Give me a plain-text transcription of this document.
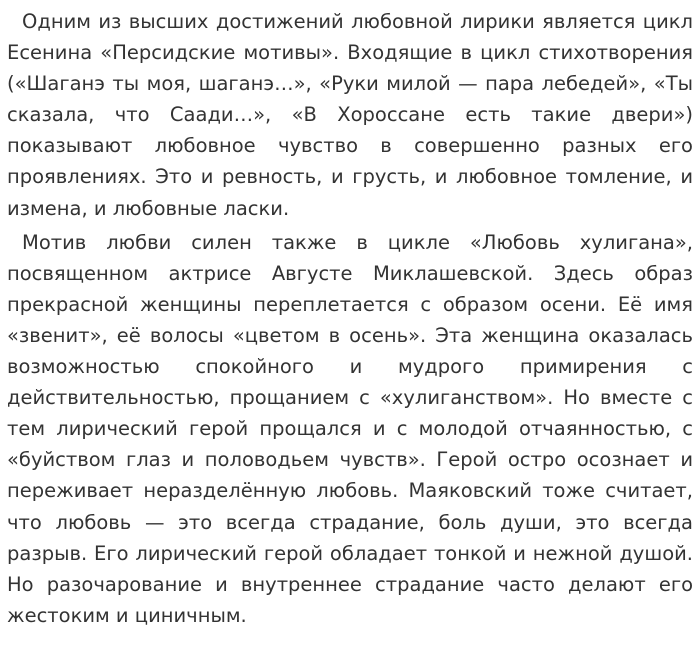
Одним из высших достижений любовной лирики является цикл Есенина «Персидские мотивы». Входящие в цикл стихотворения («Шаганэ ты моя, шаганэ…», «Руки милой — пара лебедей», «Ты сказала, что Саади…», «В Хороссане есть такие двери») показывают любовное чувство в совершенно разных его проявлениях. Это и ревность, и грусть, и любовное томление, и измена, и любовные ласки.

Мотив любви силен также в цикле «Любовь хулигана», посвященном актрисе Августе Миклашевской. Здесь образ прекрасной женщины переплетается с образом осени. Её имя «звенит», её волосы «цветом в осень». Эта женщина оказалась возможностью спокойного и мудрого примирения с действительностью, прощанием с «хулиганством». Но вместе с тем лирический герой прощался и с молодой отчаянностью, с «буйством глаз и половодьем чувств». Герой остро осознает и переживает неразделённую любовь. Маяковский тоже считает, что любовь — это всегда страдание, боль души, это всегда разрыв. Его лирический герой обладает тонкой и нежной душой. Но разочарование и внутреннее страдание часто делают его жестоким и циничным.
